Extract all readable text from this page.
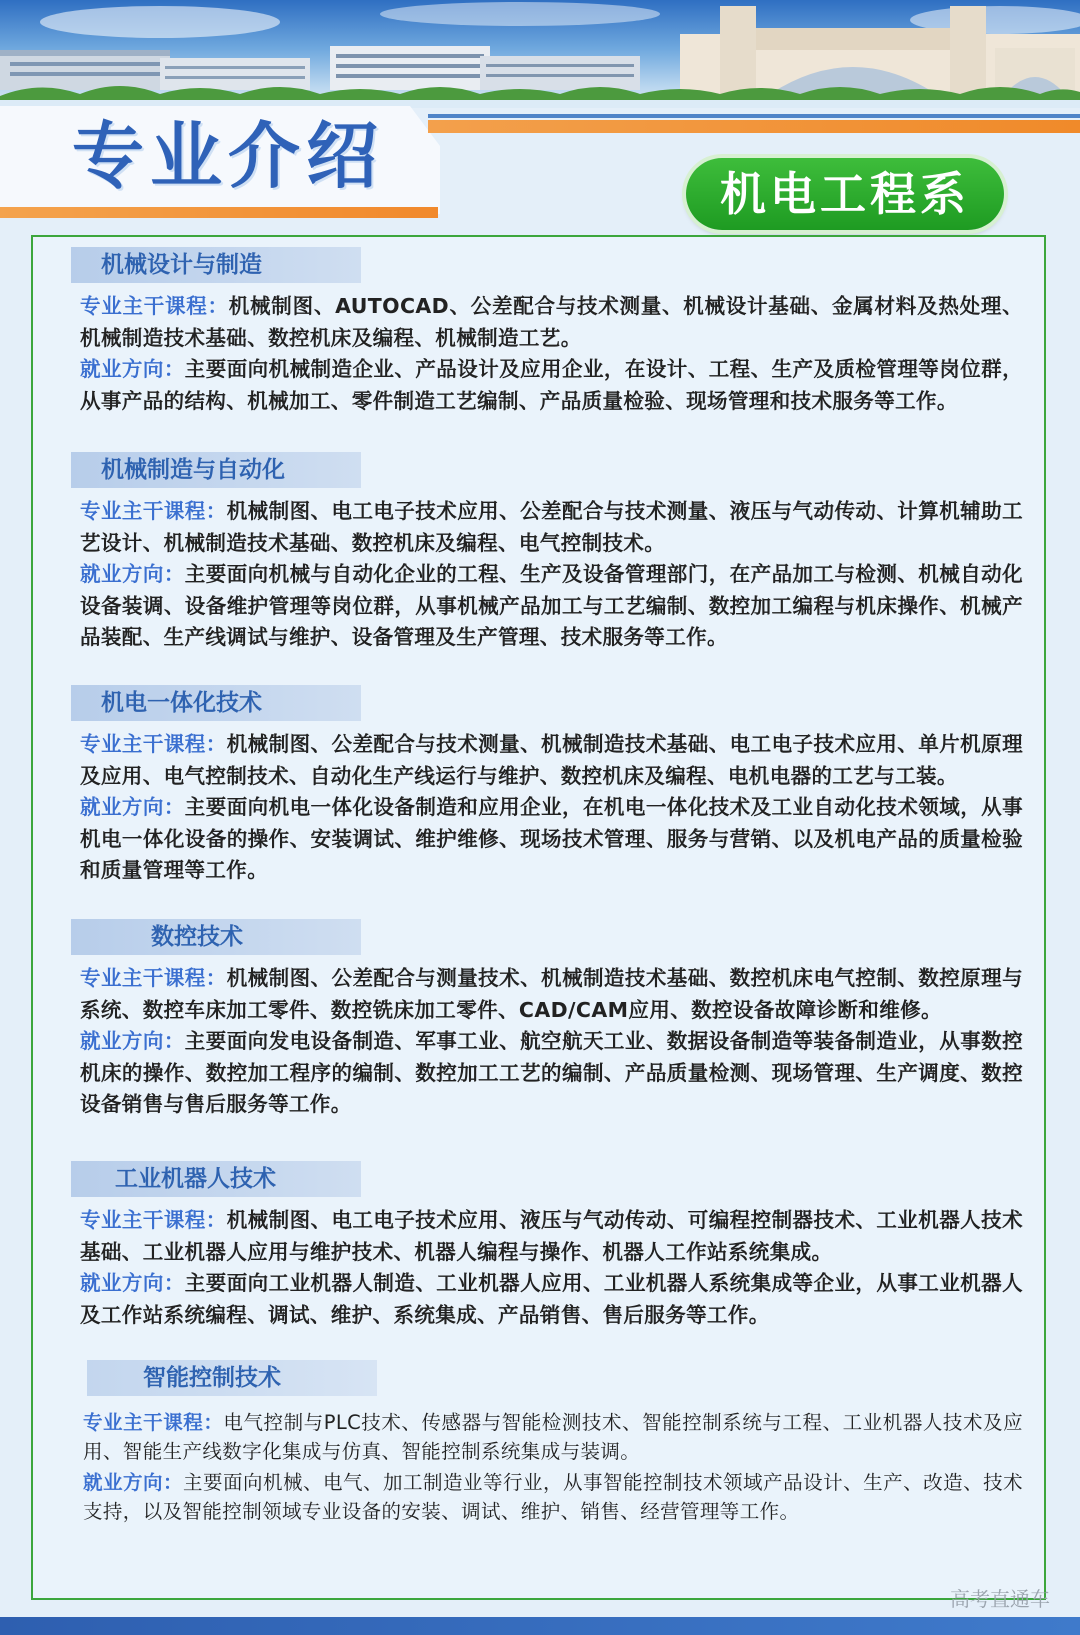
专业介绍	机电工程系
机械设计与制造

专业主干课程：机械制图、AUTOCAD、公差配合与技术测量、机械设计基础、金属材料及热处理、机械制造技术基础、数控机床及编程、机械制造工艺。

就业方向：主要面向机械制造企业、产品设计及应用企业，在设计、工程、生产及质检管理等岗位群，从事产品的结构、机械加工、零件制造工艺编制、产品质量检验、现场管理和技术服务等工作。

机械制造与自动化

专业主干课程：机械制图、电工电子技术应用、公差配合与技术测量、液压与气动传动、计算机辅助工艺设计、机械制造技术基础、数控机床及编程、电气控制技术。

就业方向：主要面向机械与自动化企业的工程、生产及设备管理部门，在产品加工与检测、机械自动化设备装调、设备维护管理等岗位群，从事机械产品加工与工艺编制、数控加工编程与机床操作、机械产品装配、生产线调试与维护、设备管理及生产管理、技术服务等工作。

机电一体化技术

专业主干课程：机械制图、公差配合与技术测量、机械制造技术基础、电工电子技术应用、单片机原理及应用、电气控制技术、自动化生产线运行与维护、数控机床及编程、电机电器的工艺与工装。

就业方向：主要面向机电一体化设备制造和应用企业，在机电一体化技术及工业自动化技术领域，从事机电一体化设备的操作、安装调试、维护维修、现场技术管理、服务与营销、以及机电产品的质量检验和质量管理等工作。

数控技术

专业主干课程：机械制图、公差配合与测量技术、机械制造技术基础、数控机床电气控制、数控原理与系统、数控车床加工零件、数控铣床加工零件、CAD/CAM应用、数控设备故障诊断和维修。

就业方向：主要面向发电设备制造、军事工业、航空航天工业、数据设备制造等装备制造业，从事数控机床的操作、数控加工程序的编制、数控加工工艺的编制、产品质量检测、现场管理、生产调度、数控设备销售与售后服务等工作。

工业机器人技术

专业主干课程：机械制图、电工电子技术应用、液压与气动传动、可编程控制器技术、工业机器人技术基础、工业机器人应用与维护技术、机器人编程与操作、机器人工作站系统集成。

就业方向：主要面向工业机器人制造、工业机器人应用、工业机器人系统集成等企业，从事工业机器人及工作站系统编程、调试、维护、系统集成、产品销售、售后服务等工作。

智能控制技术

专业主干课程：电气控制与PLC技术、传感器与智能检测技术、智能控制系统与工程、工业机器人技术及应用、智能生产线数字化集成与仿真、智能控制系统集成与装调。

就业方向：主要面向机械、电气、加工制造业等行业，从事智能控制技术领域产品设计、生产、改造、技术支持，以及智能控制领域专业设备的安装、调试、维护、销售、经营管理等工作。

高考直通车
